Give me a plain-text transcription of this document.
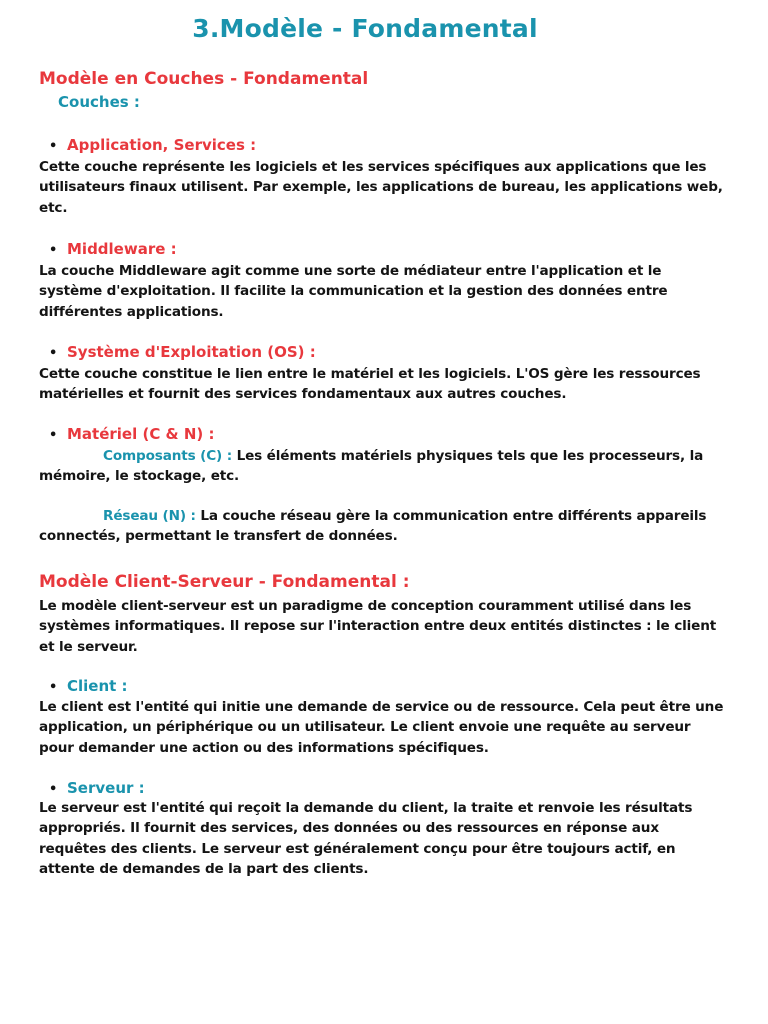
3.Modèle - Fondamental
Modèle en Couches - Fondamental
Couches :
• Application, Services :

Cette couche représente les logiciels et les services spécifiques aux applications que les utilisateurs finaux utilisent. Par exemple, les applications de bureau, les applications web, etc.

• Middleware :

La couche Middleware agit comme une sorte de médiateur entre l'application et le système d'exploitation. Il facilite la communication et la gestion des données entre différentes applications.

• Système d'Exploitation (OS) :

Cette couche constitue le lien entre le matériel et les logiciels. L'OS gère les ressources matérielles et fournit des services fondamentaux aux autres couches.

• Matériel (C & N) :

Composants (C) : Les éléments matériels physiques tels que les processeurs, la mémoire, le stockage, etc.

Réseau (N) : La couche réseau gère la communication entre différents appareils connectés, permettant le transfert de données.

Modèle Client-Serveur - Fondamental :

Le modèle client-serveur est un paradigme de conception couramment utilisé dans les systèmes informatiques. Il repose sur l'interaction entre deux entités distinctes : le client et le serveur.

• Client :

Le client est l'entité qui initie une demande de service ou de ressource. Cela peut être une application, un périphérique ou un utilisateur. Le client envoie une requête au serveur pour demander une action ou des informations spécifiques.

• Serveur :

Le serveur est l'entité qui reçoit la demande du client, la traite et renvoie les résultats appropriés. Il fournit des services, des données ou des ressources en réponse aux requêtes des clients. Le serveur est généralement conçu pour être toujours actif, en attente de demandes de la part des clients.
